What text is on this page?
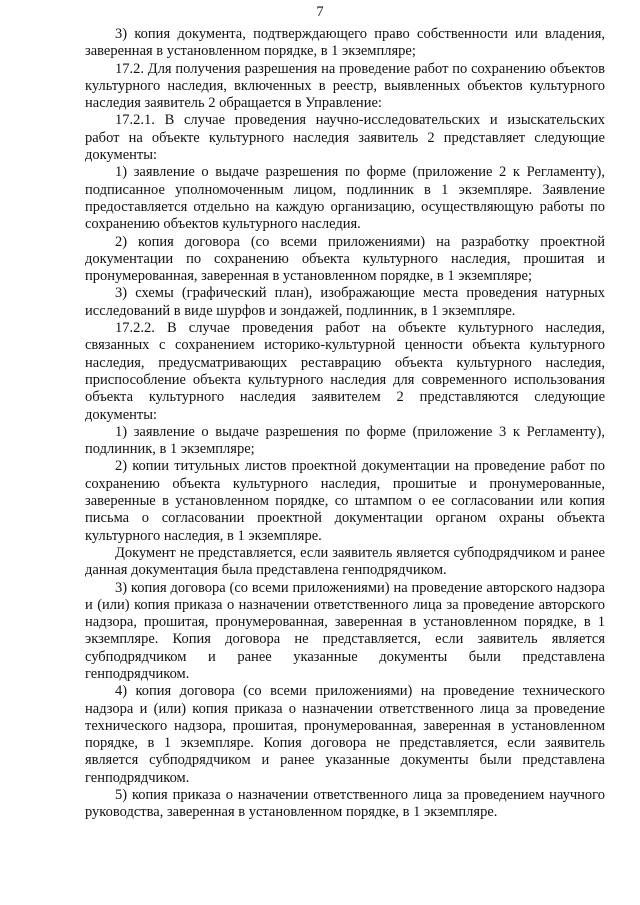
7

3) копия документа, подтверждающего право собственности или владения, заверенная в установленном порядке, в 1 экземпляре;

17.2. Для получения разрешения на проведение работ по сохранению объектов культурного наследия, включенных в реестр, выявленных объектов культурного наследия заявитель 2 обращается в Управление:

17.2.1. В случае проведения научно-исследовательских и изыскательских работ на объекте культурного наследия заявитель 2 представляет следующие документы:

1) заявление о выдаче разрешения по форме (приложение 2 к Регламенту), подписанное уполномоченным лицом, подлинник в 1 экземпляре. Заявление предоставляется отдельно на каждую организацию, осуществляющую работы по сохранению объектов культурного наследия.

2) копия договора (со всеми приложениями) на разработку проектной документации по сохранению объекта культурного наследия, прошитая и пронумерованная, заверенная в установленном порядке, в 1 экземпляре;

3) схемы (графический план), изображающие места проведения натурных исследований в виде шурфов и зондажей, подлинник, в 1 экземпляре.

17.2.2. В случае проведения работ на объекте культурного наследия, связанных с сохранением историко-культурной ценности объекта культурного наследия, предусматривающих реставрацию объекта культурного наследия, приспособление объекта культурного наследия для современного использования объекта культурного наследия заявителем 2 представляются следующие документы:

1) заявление о выдаче разрешения по форме (приложение 3 к Регламенту), подлинник, в 1 экземпляре;

2) копии титульных листов проектной документации на проведение работ по сохранению объекта культурного наследия, прошитые и пронумерованные, заверенные в установленном порядке, со штампом о ее согласовании или копия письма о согласовании проектной документации органом охраны объекта культурного наследия, в 1 экземпляре.

Документ не представляется, если заявитель является субподрядчиком и ранее данная документация была представлена генподрядчиком.

3) копия договора (со всеми приложениями) на проведение авторского надзора и (или) копия приказа о назначении ответственного лица за проведение авторского надзора, прошитая, пронумерованная, заверенная в установленном порядке, в 1 экземпляре. Копия договора не представляется, если заявитель является субподрядчиком и ранее указанные документы были представлена генподрядчиком.

4) копия договора (со всеми приложениями) на проведение технического надзора и (или) копия приказа о назначении ответственного лица за проведение технического надзора, прошитая, пронумерованная, заверенная в установленном порядке, в 1 экземпляре. Копия договора не представляется, если заявитель является субподрядчиком и ранее указанные документы были представлена генподрядчиком.

5) копия приказа о назначении ответственного лица за проведением научного руководства, заверенная в установленном порядке, в 1 экземпляре.
